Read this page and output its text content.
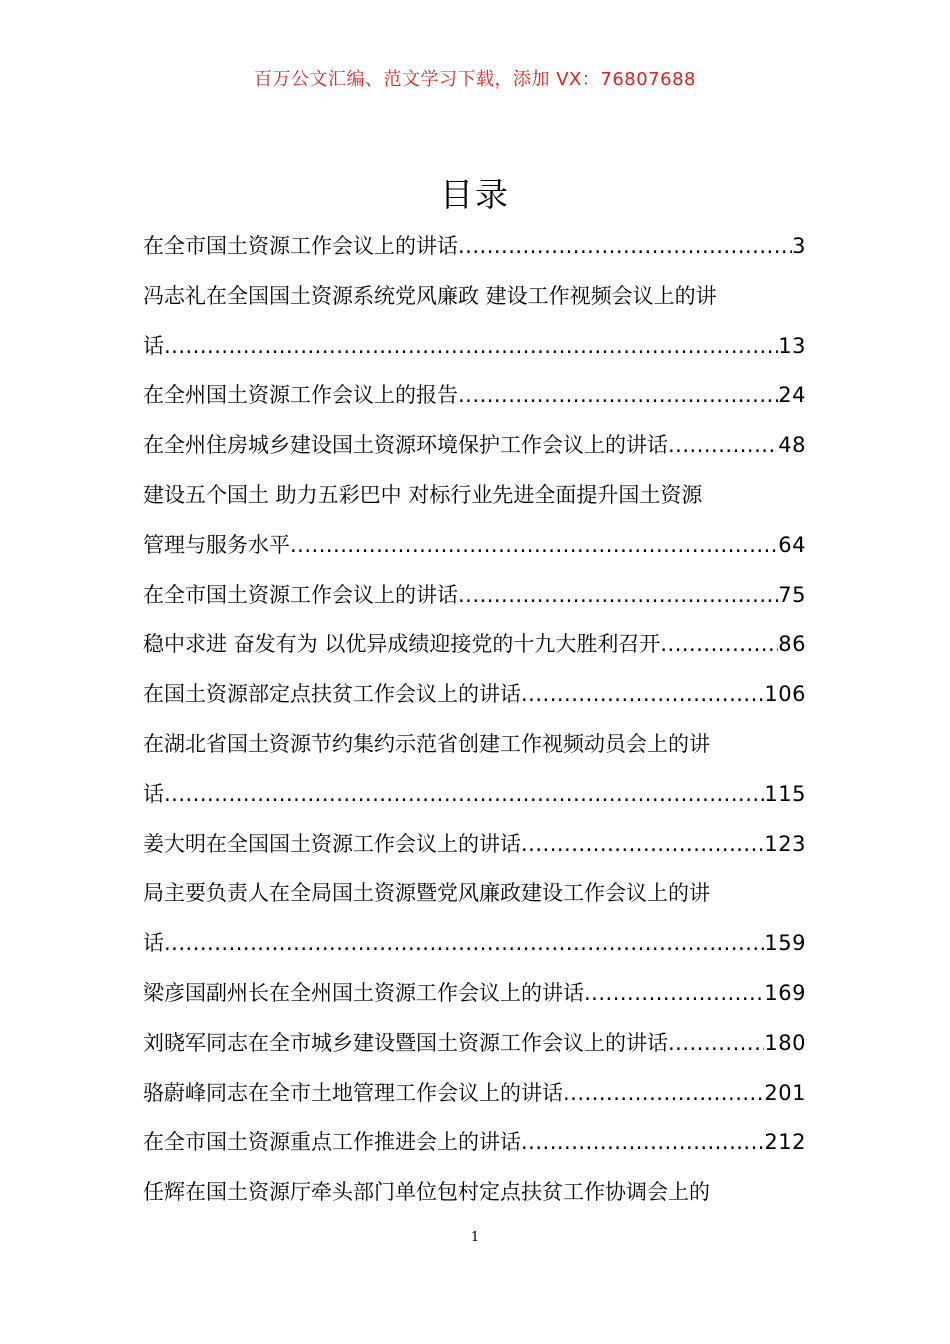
百万公文汇编、范文学习下载，添加 VX：76807688
目录
在全市国土资源工作会议上的讲话 .....	3
冯志礼在全国国土资源系统党风廉政 建设工作视频会议上的讲
话 .....	13
在全州国土资源工作会议上的报告 .....	24
在全州住房城乡建设国土资源环境保护工作会议上的讲话 .....	48
建设五个国土 助力五彩巴中 对标行业先进全面提升国土资源
管理与服务水平 .....	64
在全市国土资源工作会议上的讲话 .....	75
稳中求进 奋发有为 以优异成绩迎接党的十九大胜利召开 .....	86
在国土资源部定点扶贫工作会议上的讲话 .....	106
在湖北省国土资源节约集约示范省创建工作视频动员会上的讲
话 .....	115
姜大明在全国国土资源工作会议上的讲话 .....	123
局主要负责人在全局国土资源暨党风廉政建设工作会议上的讲
话 .....	159
梁彦国副州长在全州国土资源工作会议上的讲话 .....	169
刘晓军同志在全市城乡建设暨国土资源工作会议上的讲话 .....	180
骆蔚峰同志在全市土地管理工作会议上的讲话 .....	201
在全市国土资源重点工作推进会上的讲话 .....	212
任辉在国土资源厅牵头部门单位包村定点扶贫工作协调会上的
1
